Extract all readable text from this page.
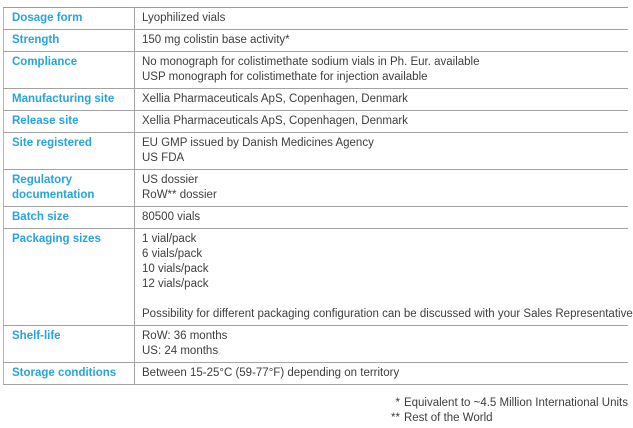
Dosage form	Lyophilized vials

Strength	150 mg colistin base activity*

Compliance	No monograph for colistimethate sodium vials in Ph. Eur. available
USP monograph for colistimethate for injection available

Manufacturing site	Xellia Pharmaceuticals ApS, Copenhagen, Denmark

Release site	Xellia Pharmaceuticals ApS, Copenhagen, Denmark

Site registered	EU GMP issued by Danish Medicines Agency
US FDA

Regulatory documentation	US dossier
RoW** dossier

Batch size	80500 vials

Packaging sizes	1 vial/pack
6 vials/pack
10 vials/pack
12 vials/pack

Possibility for different packaging configuration can be discussed with your Sales Representative

Shelf-life	RoW: 36 months
US: 24 months

Storage conditions	Between 15-25°C (59-77°F) depending on territory
* Equivalent to ~4.5 Million International Units
** Rest of the World
